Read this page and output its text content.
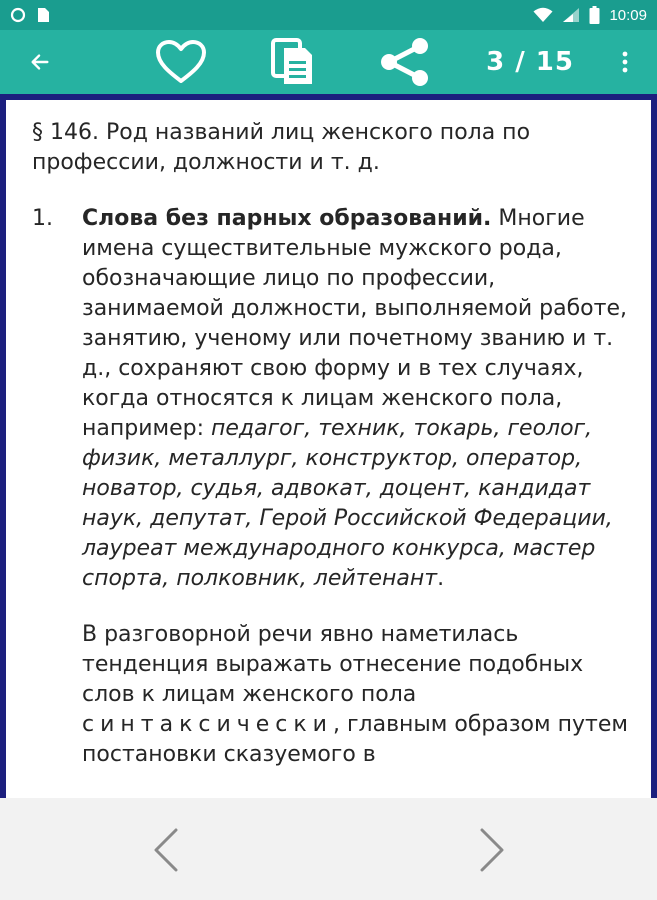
10:09
3 / 15
§ 146. Род названий лиц женского пола по профессии, должности и т. д.
1.	Слова без парных образований. Многие имена существительные мужского рода, обозначающие лицо по профессии, занимаемой должности, выполняемой работе, занятию, ученому или почетному званию и т. д., сохраняют свою форму и в тех случаях, когда относятся к лицам женского пола, например: педагог, техник, токарь, геолог, физик, металлург, конструктор, оператор, новатор, судья, адвокат, доцент, кандидат наук, депутат, Герой Российской Федерации, лауреат международного конкурса, мастер спорта, полковник, лейтенант.
В разговорной речи явно наметилась тенденция выражать отнесение подобных слов к лицам женского пола синтаксически, главным образом путем постановки сказуемого в
